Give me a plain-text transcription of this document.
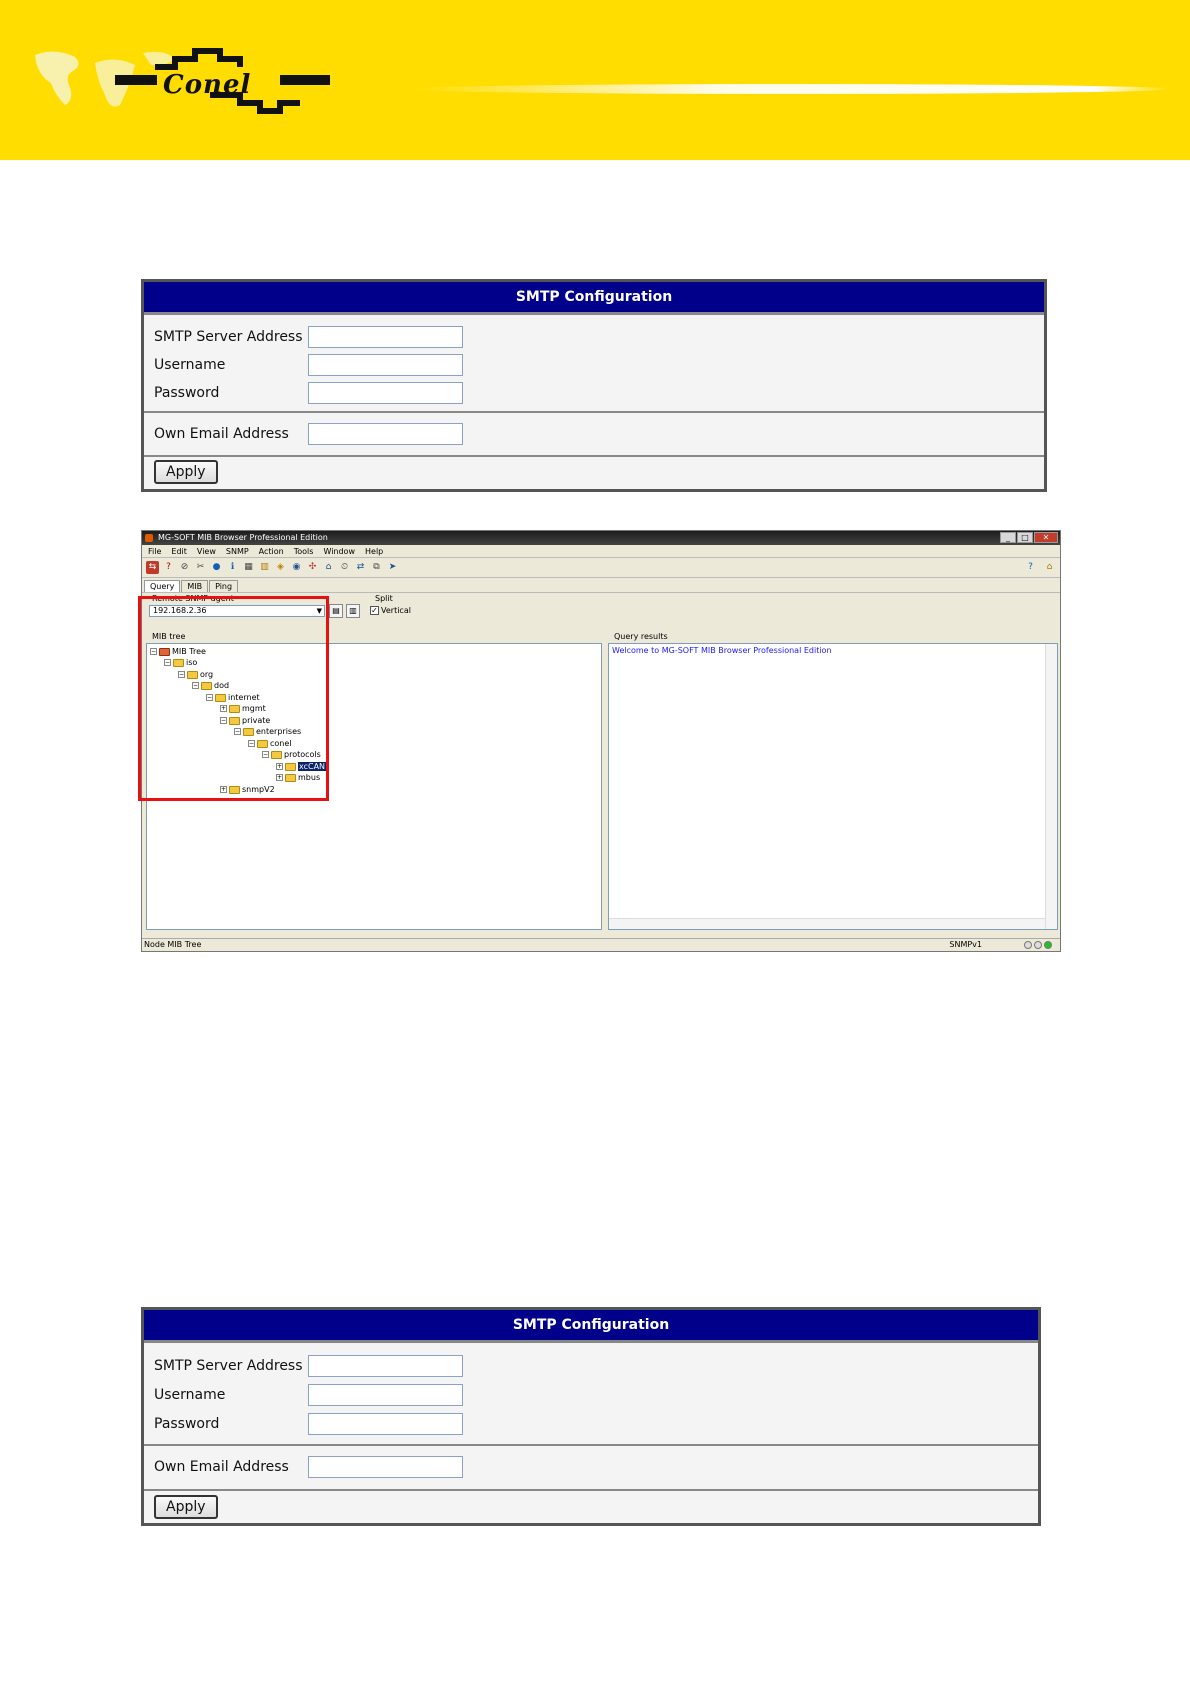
Conel
SMTP Configuration
SMTP Server Address
Username
Password
Own Email Address
Apply
MG-SOFT MIB Browser Professional Edition	_	□	✕
File Edit View SNMP Action Tools Window Help
⇆	?	⊘ ✂ ●	ℹ	▦ ▥ ◈ ◉ ✣	⌂	⏲ ⇄	⧉	➤	?	⌂
Query	MIB	Ping
Remote SNMP agent
192.168.2.36	▼	▤	▥
Split
✓ Vertical
MIB tree
− MIB Tree
− iso
− org
− dod
− internet
+ mgmt
− private
− enterprises
− conel
− protocols
+ xcCAN
+ mbus
+ snmpV2
Query results
Welcome to MG-SOFT MIB Browser Professional Edition
Node MIB Tree	SNMPv1
SMTP Configuration
SMTP Server Address
Username
Password
Own Email Address
Apply
